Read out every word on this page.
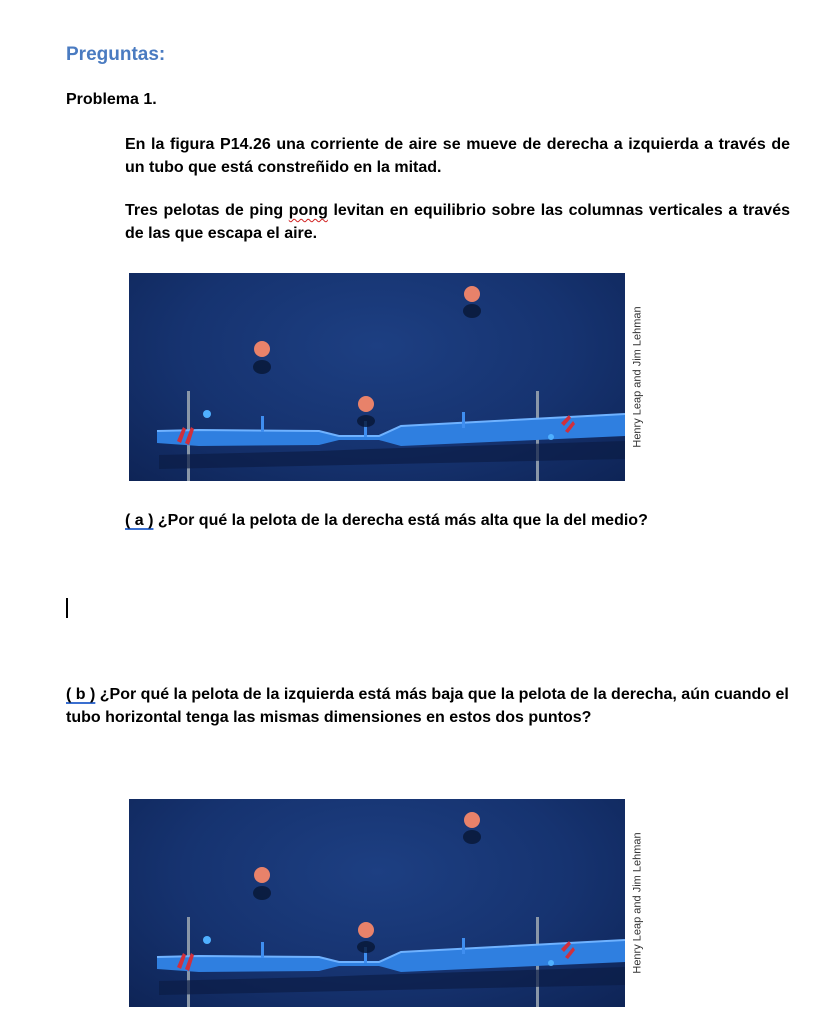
Preguntas:
Problema 1.

En la figura P14.26 una corriente de aire se mueve de derecha a izquierda a través de un tubo que está constreñido en la mitad.

Tres pelotas de ping pong levitan en equilibrio sobre las columnas verticales a través de las que escapa el aire.

Henry Leap and Jim Lehman

( a ) ¿Por qué la pelota de la derecha está más alta que la del medio?

( b ) ¿Por qué la pelota de la izquierda está más baja que la pelota de la derecha, aún cuando el tubo horizontal tenga las mismas dimensiones en estos dos puntos?

Henry Leap and Jim Lehman
